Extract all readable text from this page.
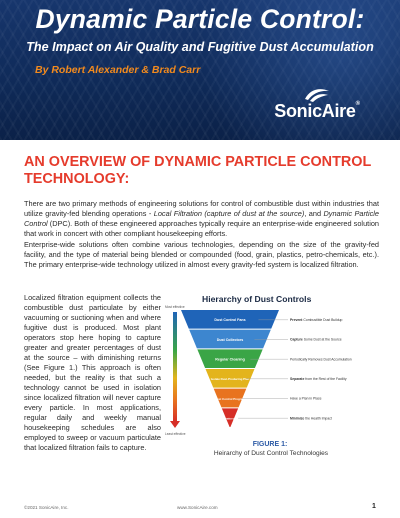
Dynamic Particle Control:
The Impact on Air Quality and Fugitive Dust Accumulation
By Robert Alexander & Brad Carr
SonicAire®
AN OVERVIEW OF DYNAMIC PARTICLE CONTROL TECHNOLOGY:
There are two primary methods of engineering solutions for control of combustible dust within industries that utilize gravity-fed blending operations - Local Filtration (capture of dust at the source), and Dynamic Particle Control (DPC). Both of these engineered approaches typically require an enterprise-wide engineered solution that work in concert with other compliant housekeeping efforts.
Enterprise-wide solutions often combine various technologies, depending on the size of the gravity-fed facility, and the type of material being blended or compounded (food, grain, plastics, petro-chemicals, etc.). The primary enterprise-wide technology utilized in almost every gravity-fed system is localized filtration.
Localized filtration equipment collects the combustible dust particulate by either vacuuming or suctioning when and where fugitive dust is produced. Most plant operators stop here hoping to capture greater and greater percentages of dust at the source – with diminishing returns (See Figure 1.) This approach is often needed, but the reality is that such a technology cannot be used in isolation since localized filtration will never capture every particle. In most applications, regular daily and weekly manual housekeeping schedules are also employed to sweep or vacuum particulate that localized filtration fails to capture.
Hierarchy of Dust Controls
Most effective
Least effective
Dust Control Fans	Prevent Combustible Dust Buildup
Dust Collectors	Capture Some Dust at the Source
Regular Cleaning	Periodically Removes Dust Accumulation
Isolate Dust-Producing Plan	Separate from the Rest of the Facility
Dust Control Program	Have a Plan in Place
Respirators / PPE	Minimize the Health Impact
FIGURE 1:
Heirarchy of Dust Control Technologies
©2021 SonicAire, Inc.	www.SonicAire.com	1
